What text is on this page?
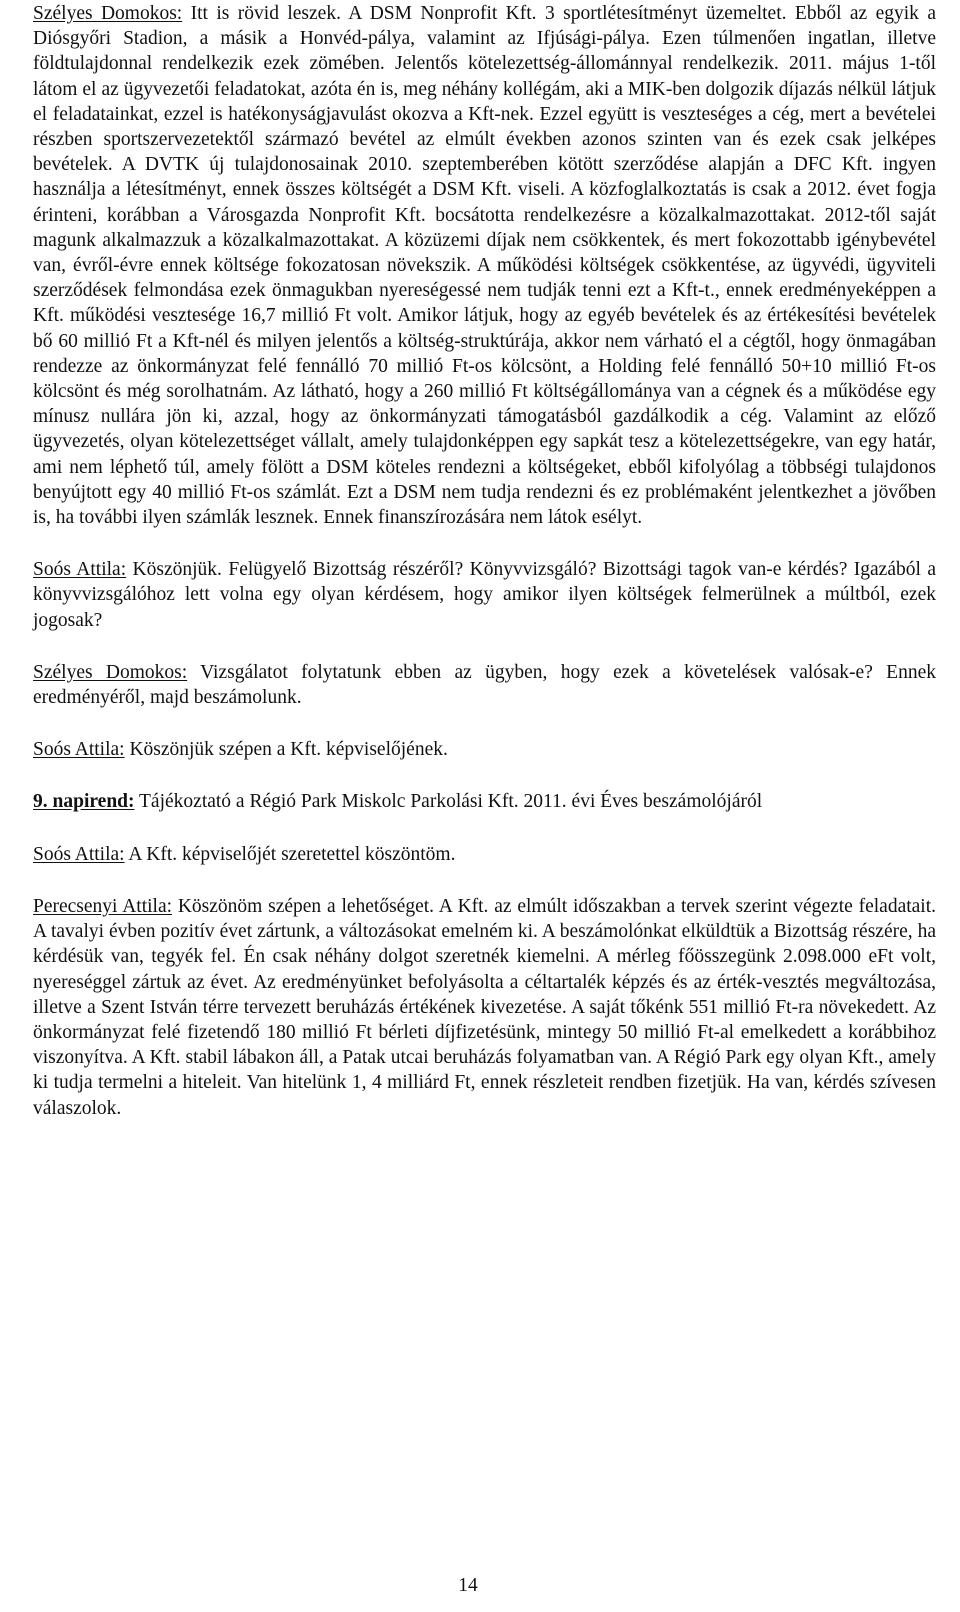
Szélyes Domokos: Itt is rövid leszek. A DSM Nonprofit Kft. 3 sportlétesítményt üzemeltet. Ebből az egyik a Diósgyőri Stadion, a másik a Honvéd-pálya, valamint az Ifjúsági-pálya. Ezen túlmenően ingatlan, illetve földtulajdonnal rendelkezik ezek zömében. Jelentős kötelezettség-állománnyal rendelkezik. 2011. május 1-től látom el az ügyvezetői feladatokat, azóta én is, meg néhány kollégám, aki a MIK-ben dolgozik díjazás nélkül látjuk el feladatainkat, ezzel is hatékonyságjavulást okozva a Kft-nek. Ezzel együtt is veszteséges a cég, mert a bevételei részben sportszervezetektől származó bevétel az elmúlt években azonos szinten van és ezek csak jelképes bevételek. A DVTK új tulajdonosainak 2010. szeptemberében kötött szerződése alapján a DFC Kft. ingyen használja a létesítményt, ennek összes költségét a DSM Kft. viseli. A közfoglalkoztatás is csak a 2012. évet fogja érinteni, korábban a Városgazda Nonprofit Kft. bocsátotta rendelkezésre a közalkalmazottakat. 2012-től saját magunk alkalmazzuk a közalkalmazottakat. A közüzemi díjak nem csökkentek, és mert fokozottabb igénybevétel van, évről-évre ennek költsége fokozatosan növekszik. A működési költségek csökkentése, az ügyvédi, ügyviteli szerződések felmondása ezek önmagukban nyereségessé nem tudják tenni ezt a Kft-t., ennek eredményeképpen a Kft. működési vesztesége 16,7 millió Ft volt. Amikor látjuk, hogy az egyéb bevételek és az értékesítési bevételek bő 60 millió Ft a Kft-nél és milyen jelentős a költség-struktúrája, akkor nem várható el a cégtől, hogy önmagában rendezze az önkormányzat felé fennálló 70 millió Ft-os kölcsönt, a Holding felé fennálló 50+10 millió Ft-os kölcsönt és még sorolhatnám. Az látható, hogy a 260 millió Ft költségállománya van a cégnek és a működése egy mínusz nullára jön ki, azzal, hogy az önkormányzati támogatásból gazdálkodik a cég. Valamint az előző ügyvezetés, olyan kötelezettséget vállalt, amely tulajdonképpen egy sapkát tesz a kötelezettségekre, van egy határ, ami nem léphető túl, amely fölött a DSM köteles rendezni a költségeket, ebből kifolyólag a többségi tulajdonos benyújtott egy 40 millió Ft-os számlát. Ezt a DSM nem tudja rendezni és ez problémaként jelentkezhet a jövőben is, ha további ilyen számlák lesznek. Ennek finanszírozására nem látok esélyt.

Soós Attila: Köszönjük. Felügyelő Bizottság részéről? Könyvvizsgáló? Bizottsági tagok van-e kérdés? Igazából a könyvvizsgálóhoz lett volna egy olyan kérdésem, hogy amikor ilyen költségek felmerülnek a múltból, ezek jogosak?

Szélyes Domokos: Vizsgálatot folytatunk ebben az ügyben, hogy ezek a követelések valósak-e? Ennek eredményéről, majd beszámolunk.

Soós Attila: Köszönjük szépen a Kft. képviselőjének.

9. napirend: Tájékoztató a Régió Park Miskolc Parkolási Kft. 2011. évi Éves beszámolójáról

Soós Attila: A Kft. képviselőjét szeretettel köszöntöm.

Perecsenyi Attila: Köszönöm szépen a lehetőséget. A Kft. az elmúlt időszakban a tervek szerint végezte feladatait. A tavalyi évben pozitív évet zártunk, a változásokat emelném ki. A beszámolónkat elküldtük a Bizottság részére, ha kérdésük van, tegyék fel. Én csak néhány dolgot szeretnék kiemelni. A mérleg főösszegünk 2.098.000 eFt volt, nyereséggel zártuk az évet. Az eredményünket befolyásolta a céltartalék képzés és az érték-vesztés megváltozása, illetve a Szent István térre tervezett beruházás értékének kivezetése. A saját tőkénk 551 millió Ft-ra növekedett. Az önkormányzat felé fizetendő 180 millió Ft bérleti díjfizetésünk, mintegy 50 millió Ft-al emelkedett a korábbihoz viszonyítva. A Kft. stabil lábakon áll, a Patak utcai beruházás folyamatban van. A Régió Park egy olyan Kft., amely ki tudja termelni a hiteleit. Van hitelünk 1, 4 milliárd Ft, ennek részleteit rendben fizetjük. Ha van, kérdés szívesen válaszolok.

14
